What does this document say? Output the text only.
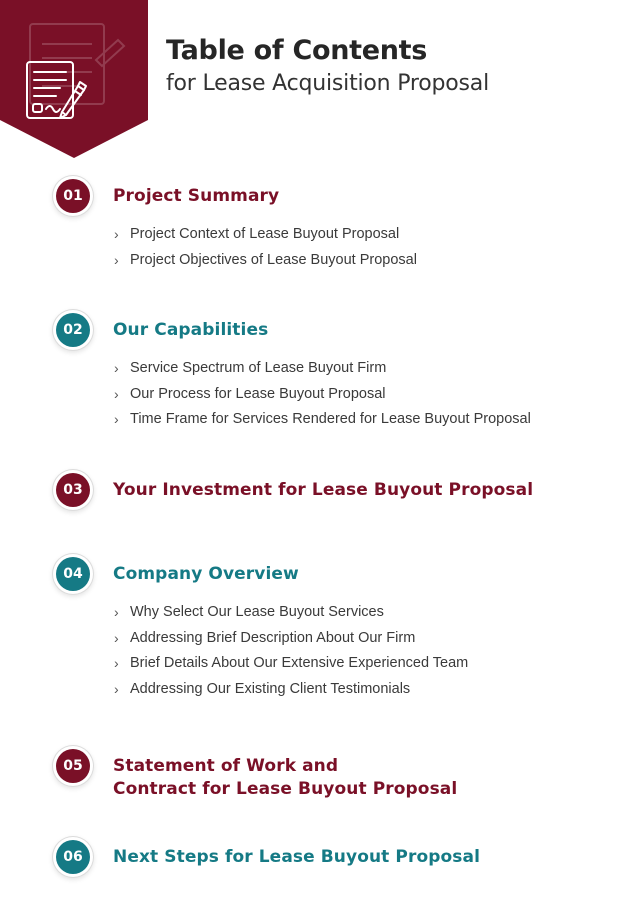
Table of Contents
for Lease Acquisition Proposal
01	Project Summary
› Project Context of Lease Buyout Proposal
› Project Objectives of Lease Buyout Proposal
02	Our Capabilities
› Service Spectrum of Lease Buyout Firm
› Our Process for Lease Buyout Proposal
› Time Frame for Services Rendered for Lease Buyout Proposal
03	Your Investment for Lease Buyout Proposal
04	Company Overview
› Why Select Our Lease Buyout Services
› Addressing Brief Description About Our Firm
› Brief Details About Our Extensive Experienced Team
› Addressing Our Existing Client Testimonials
05	Statement of Work and
Contract for Lease Buyout Proposal
06	Next Steps for Lease Buyout Proposal
